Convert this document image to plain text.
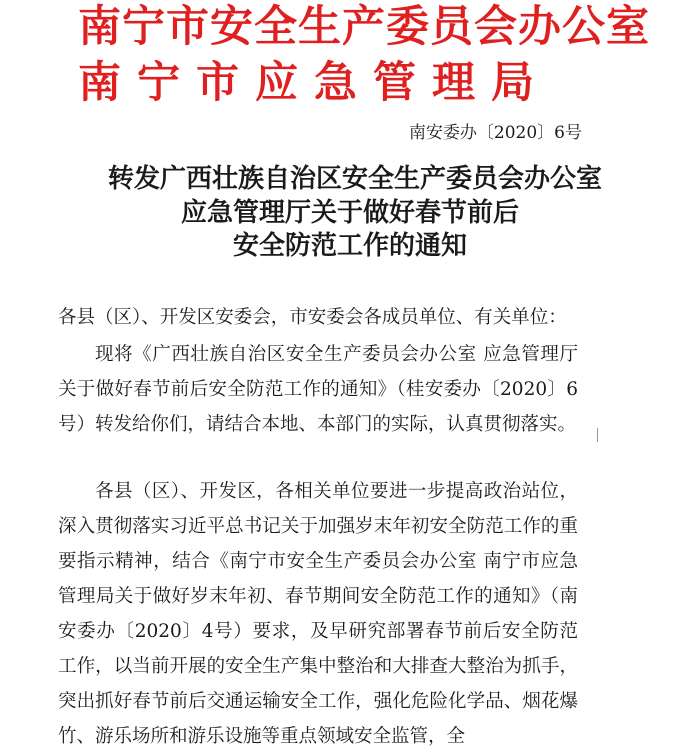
南宁市安全生产委员会办公室
南宁市应急管理局
南安委办〔2020〕6号
转发广西壮族自治区安全生产委员会办公室
应急管理厅关于做好春节前后
安全防范工作的通知

各县（区）、开发区安委会，市安委会各成员单位、有关单位：

现将《广西壮族自治区安全生产委员会办公室 应急管理厅关于做好春节前后安全防范工作的通知》（桂安委办〔2020〕6号）转发给你们，请结合本地、本部门的实际，认真贯彻落实。

各县（区）、开发区，各相关单位要进一步提高政治站位，深入贯彻落实习近平总书记关于加强岁末年初安全防范工作的重要指示精神，结合《南宁市安全生产委员会办公室 南宁市应急管理局关于做好岁末年初、春节期间安全防范工作的通知》（南安委办〔2020〕4号）要求，及早研究部署春节前后安全防范工作，以当前开展的安全生产集中整治和大排查大整治为抓手，突出抓好春节前后交通运输安全工作，强化危险化学品、烟花爆竹、游乐场所和游乐设施等重点领域安全监管，全
